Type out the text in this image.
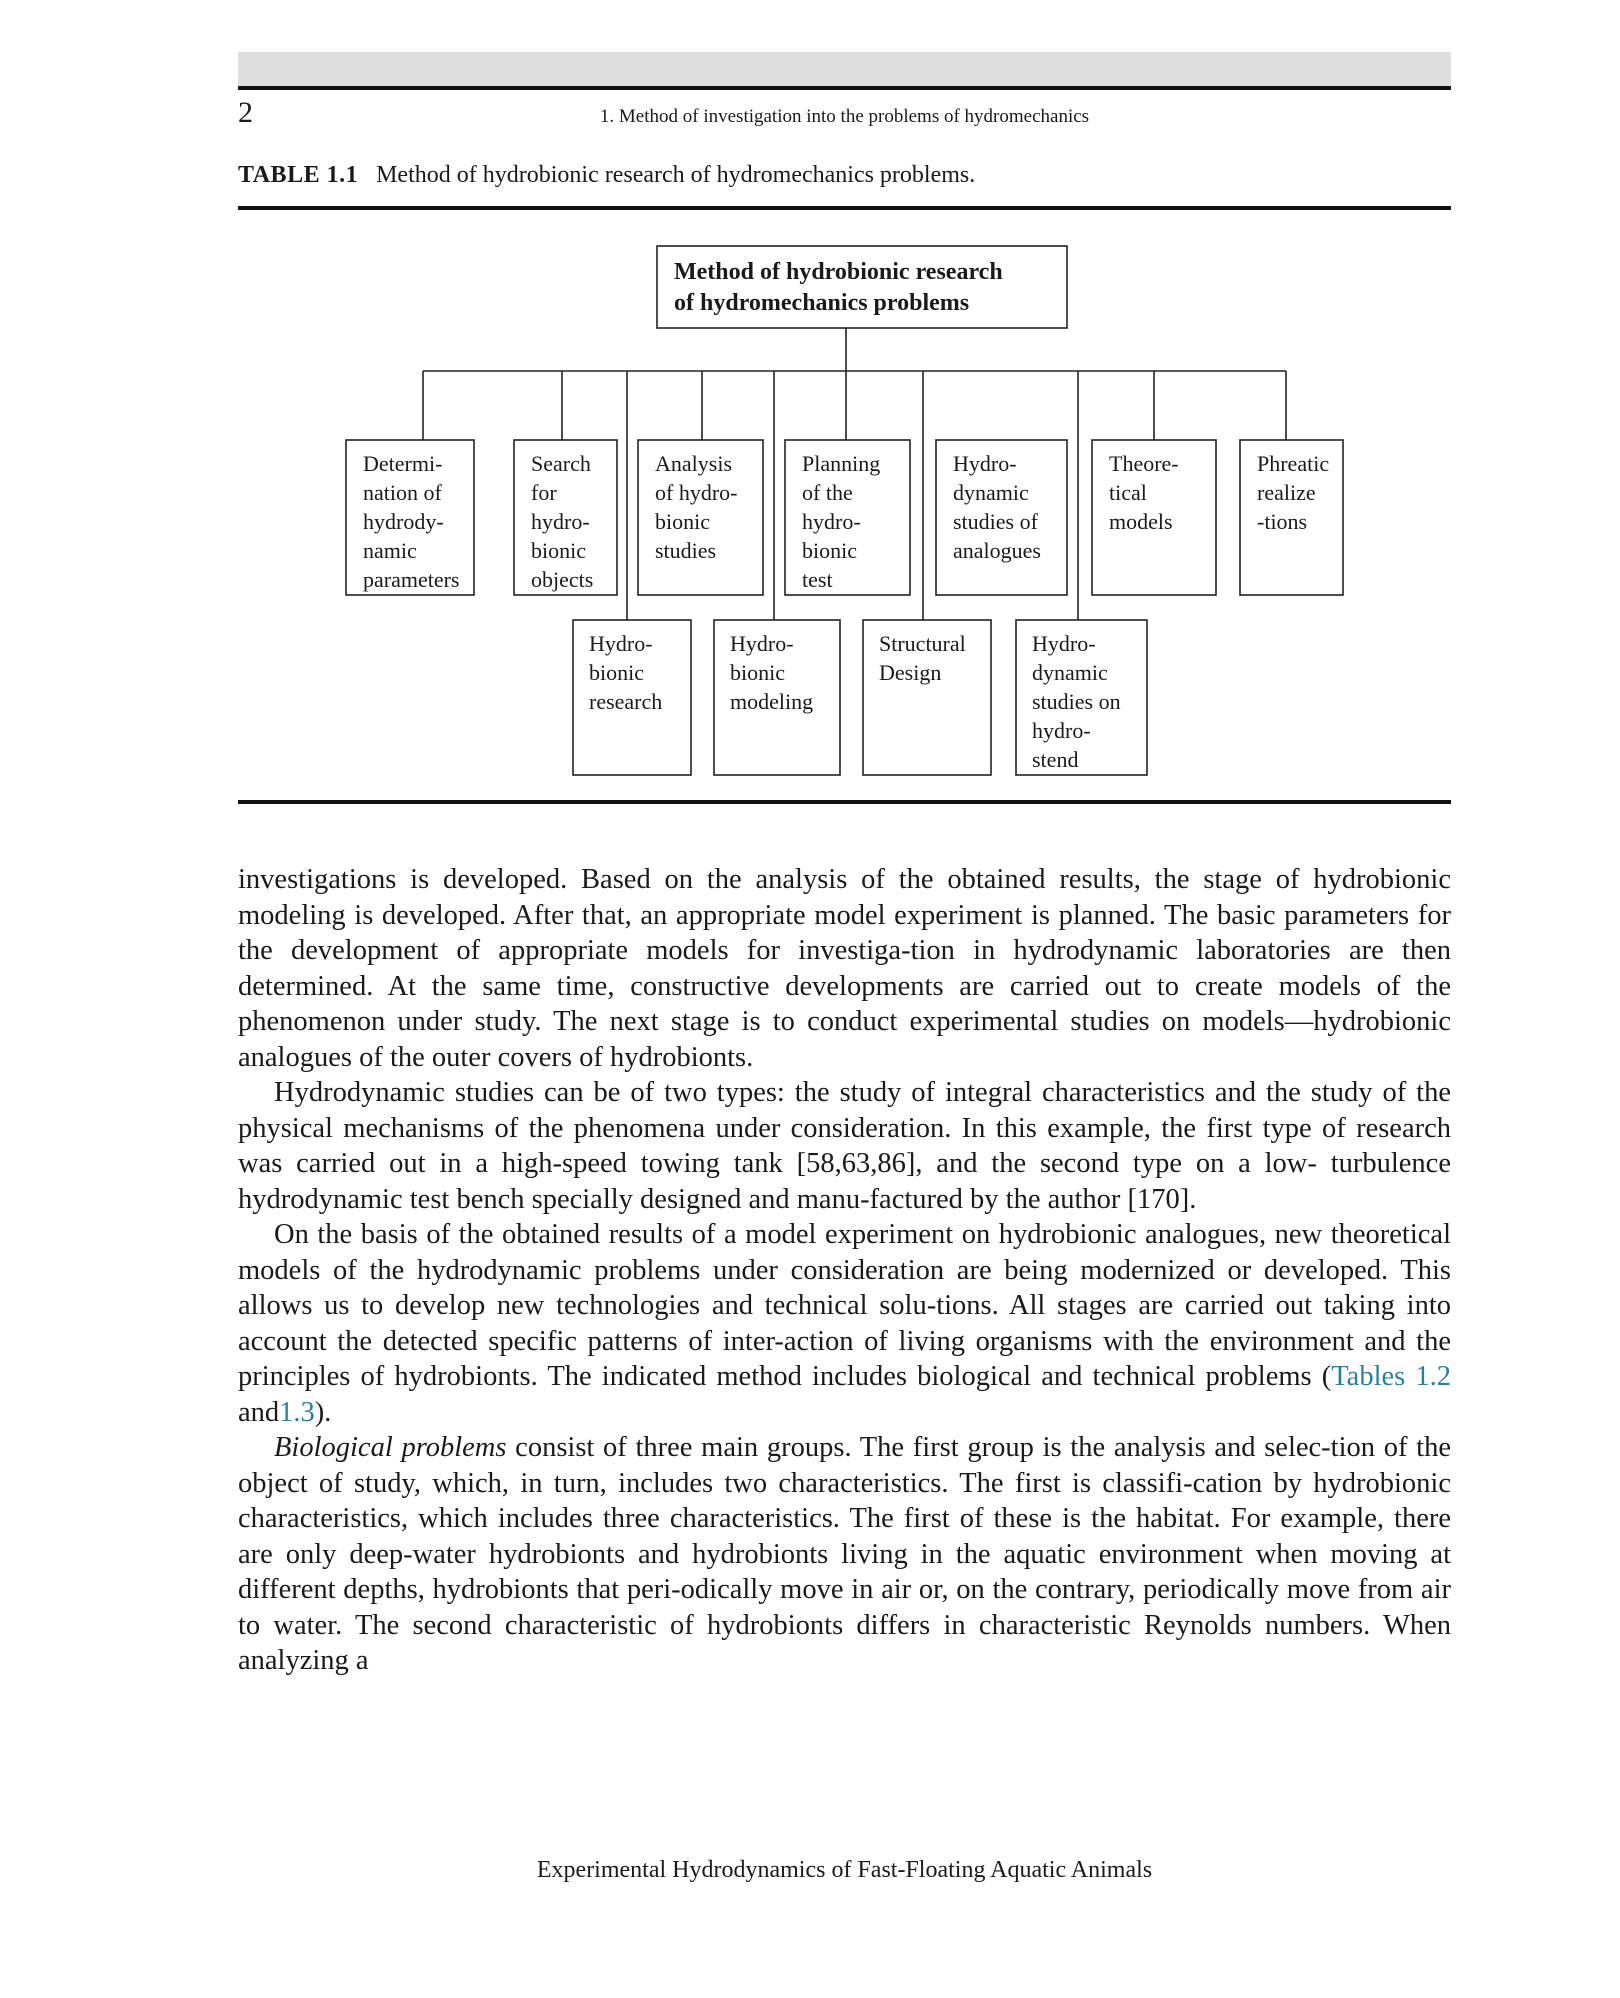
2	1. Method of investigation into the problems of hydromechanics
TABLE 1.1 Method of hydrobionic research of hydromechanics problems.
Method of hydrobionic research
of hydromechanics problems
Determi-
nation of
hydrody-
namic
parameters
Search
for
hydro-
bionic
objects
Analysis
of hydro-
bionic
studies
Planning
of the
hydro-
bionic
test
Hydro-
dynamic
studies of
analogues
Theore-
tical
models
Phreatic
realize
-tions
Hydro-
bionic
research
Hydro-
bionic
modeling
Structural
Design
Hydro-
dynamic
studies on
hydro-
stend

investigations is developed. Based on the analysis of the obtained results, the stage of hydrobionic modeling is developed. After that, an appropriate model experiment is planned. The basic parameters for the development of appropriate models for investiga-tion in hydrodynamic laboratories are then determined. At the same time, constructive developments are carried out to create models of the phenomenon under study. The next stage is to conduct experimental studies on models—hydrobionic analogues of the outer covers of hydrobionts.

Hydrodynamic studies can be of two types: the study of integral characteristics and the study of the physical mechanisms of the phenomena under consideration. In this example, the first type of research was carried out in a high-speed towing tank [58,63,86], and the second type on a low- turbulence hydrodynamic test bench specially designed and manu-factured by the author [170].

On the basis of the obtained results of a model experiment on hydrobionic analogues, new theoretical models of the hydrodynamic problems under consideration are being modernized or developed. This allows us to develop new technologies and technical solu-tions. All stages are carried out taking into account the detected specific patterns of inter-action of living organisms with the environment and the principles of hydrobionts. The indicated method includes biological and technical problems (Tables 1.2 and1.3).

Biological problems consist of three main groups. The first group is the analysis and selec-tion of the object of study, which, in turn, includes two characteristics. The first is classifi-cation by hydrobionic characteristics, which includes three characteristics. The first of these is the habitat. For example, there are only deep-water hydrobionts and hydrobionts living in the aquatic environment when moving at different depths, hydrobionts that peri-odically move in air or, on the contrary, periodically move from air to water. The second characteristic of hydrobionts differs in characteristic Reynolds numbers. When analyzing a

Experimental Hydrodynamics of Fast-Floating Aquatic Animals
